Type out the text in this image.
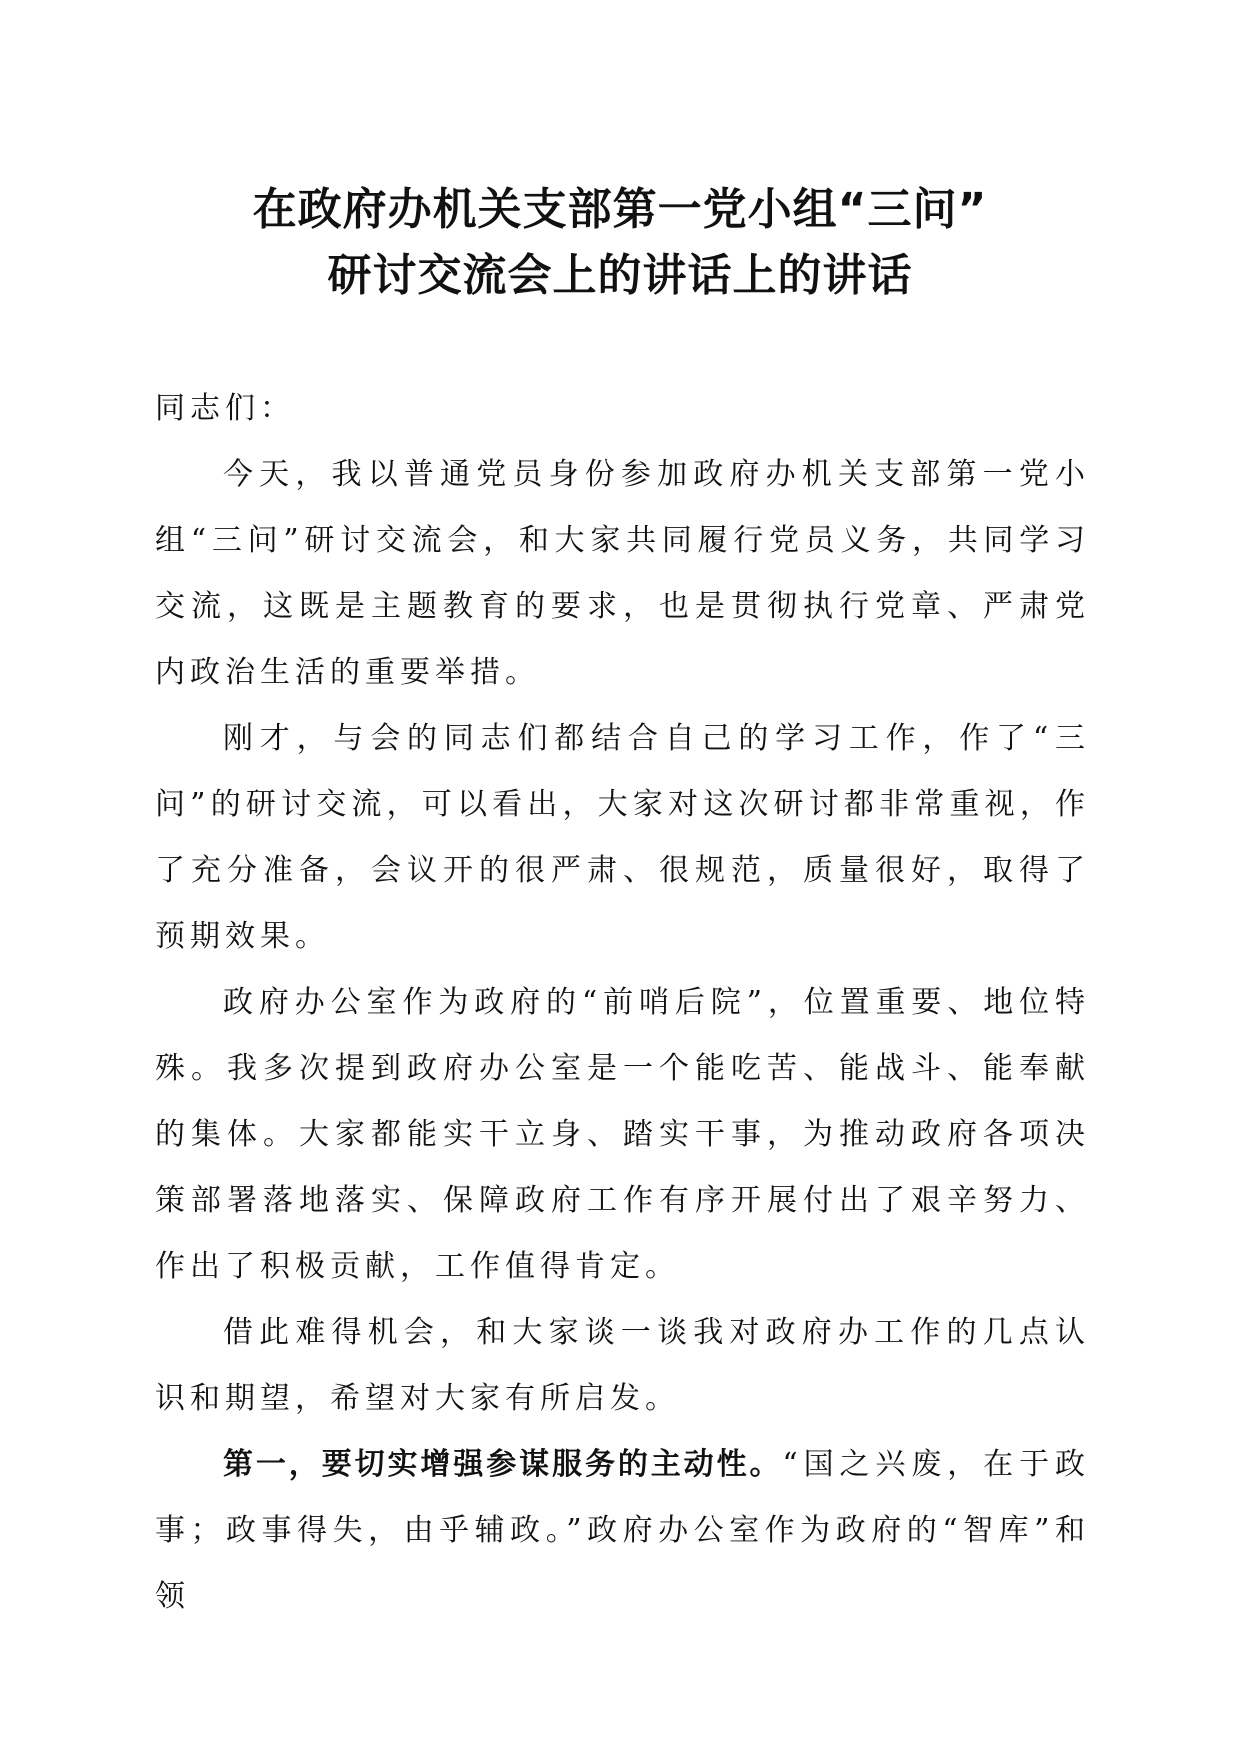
在政府办机关支部第一党小组“三问”
研讨交流会上的讲话上的讲话

同志们：

今天，我以普通党员身份参加政府办机关支部第一党小组“三问”研讨交流会，和大家共同履行党员义务，共同学习交流，这既是主题教育的要求，也是贯彻执行党章、严肃党内政治生活的重要举措。

刚才，与会的同志们都结合自己的学习工作，作了“三问”的研讨交流，可以看出，大家对这次研讨都非常重视，作了充分准备，会议开的很严肃、很规范，质量很好，取得了预期效果。

政府办公室作为政府的“前哨后院”，位置重要、地位特殊。我多次提到政府办公室是一个能吃苦、能战斗、能奉献的集体。大家都能实干立身、踏实干事，为推动政府各项决策部署落地落实、保障政府工作有序开展付出了艰辛努力、作出了积极贡献，工作值得肯定。

借此难得机会，和大家谈一谈我对政府办工作的几点认识和期望，希望对大家有所启发。

第一，要切实增强参谋服务的主动性。“国之兴废，在于政事；政事得失，由乎辅政。”政府办公室作为政府的“智库”和领
